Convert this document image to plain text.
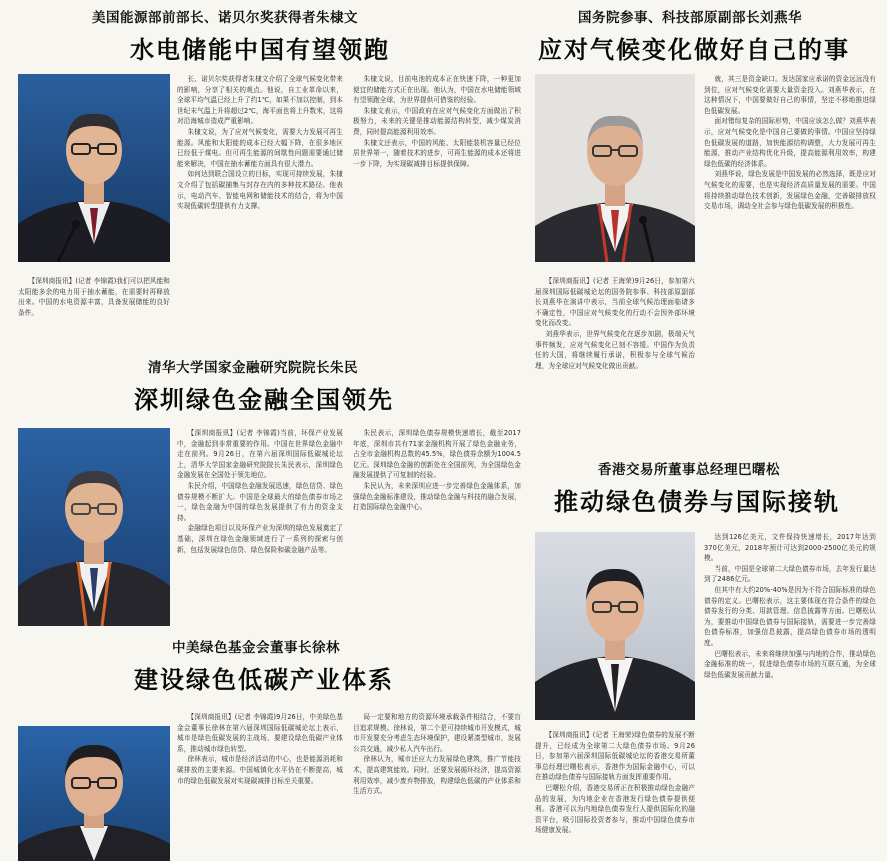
美国能源部前部长、诺贝尔奖获得者朱棣文
水电储能中国有望领跑

【深圳商报讯】(记者 李锦霞)我们可以把风能和太阳能多余的电力用于抽水蓄能，在需要时再释放出来。中国的水电资源丰富，具备发展储能的良好条件。

长、诺贝尔奖获得者朱棣文介绍了全球气候变化带来的影响，分享了相关的观点。他说，自工业革命以来，全球平均气温已经上升了约1℃，如果不加以控制，到本世纪末气温上升将超过2℃，海平面也将上升数米，这将对沿海城市造成严重影响。

朱棣文说，为了应对气候变化，需要大力发展可再生能源。风能和太阳能的成本已经大幅下降，在很多地区已经低于煤电。但可再生能源的间歇性问题需要通过储能来解决，中国在抽水蓄能方面具有很大潜力。

如何达到联合国设立的目标，实现可持续发展，朱棣文介绍了包括碳捕集与封存在内的多种技术路径。他表示，电动汽车、智能电网和储能技术的结合，将为中国实现低碳转型提供有力支撑。

朱棣文说，目前电池的成本正在快速下降，一种更加便宜的储能方式正在出现。他认为，中国在水电储能领域有望领跑全球，为世界提供可借鉴的经验。

朱棣文表示，中国政府在应对气候变化方面做出了积极努力，未来的关键是推动能源结构转型，减少煤炭消费，同时提高能源利用效率。

朱棣文还表示，中国的风能、太阳能装机容量已经位居世界第一，随着技术的进步，可再生能源的成本还将进一步下降，为实现碳减排目标提供保障。

国务院参事、科技部原副部长刘燕华
应对气候变化做好自己的事

就，其三是资金缺口。发达国家应承诺的资金远远没有到位，应对气候变化需要大量资金投入。刘燕华表示，在这种情况下，中国要做好自己的事情，坚定不移地推进绿色低碳发展。

面对错综复杂的国际形势，中国应该怎么做？刘燕华表示，应对气候变化是中国自己要做的事情。中国应坚持绿色低碳发展的道路，加快能源结构调整，大力发展可再生能源，推动产业结构优化升级，提高能源利用效率，构建绿色低碳的经济体系。

刘燕华说，绿色发展是中国发展的必然选择，既是应对气候变化的需要，也是实现经济高质量发展的需要。中国将持续推动绿色技术创新，发展绿色金融，完善碳排放权交易市场，调动全社会参与绿色低碳发展的积极性。

【深圳商报讯】(记者 王海荣)9月26日，参加第六届深圳国际低碳城论坛的国务院参事、科技部原副部长刘燕华在演讲中表示，当前全球气候治理面临诸多不确定性，中国应对气候变化的行动不会因外部环境变化而改变。

刘燕华表示，世界气候变化在逐步加剧，极端天气事件频发，应对气候变化已刻不容缓。中国作为负责任的大国，将继续履行承诺，积极参与全球气候治理，为全球应对气候变化做出贡献。

清华大学国家金融研究院院长朱民
深圳绿色金融全国领先

【深圳商报讯】(记者 李锦霞)当前，环保产业发展中，金融起到非常重要的作用。中国在世界绿色金融中走在前列。9月26日，在第六届深圳国际低碳城论坛上，清华大学国家金融研究院院长朱民表示，深圳绿色金融发展在全国处于领先地位。

朱民介绍，中国绿色金融发展迅速，绿色信贷、绿色债券规模不断扩大。中国是全球最大的绿色债券市场之一，绿色金融为中国的绿色发展提供了有力的资金支持。

金融绿色项目以及环保产业为深圳的绿色发展奠定了基础，深圳在绿色金融领域进行了一系列的探索与创新，包括发展绿色信贷、绿色保险和碳金融产品等。

朱民表示，深圳绿色债券规模快速增长，截至2017年底，深圳市共有71家金融机构开展了绿色金融业务，占全市金融机构总数的45.5%，绿色债券余额为1004.5亿元。深圳绿色金融的创新处在全国前列，为全国绿色金融发展提供了可复制的经验。

朱民认为，未来深圳应进一步完善绿色金融体系，加强绿色金融标准建设，推动绿色金融与科技的融合发展，打造国际绿色金融中心。

中美绿色基金会董事长徐林
建设绿色低碳产业体系

【深圳商报讯】(记者 李锦霞)9月26日，中美绿色基金会董事长徐林在第六届深圳国际低碳城论坛上表示，城市是绿色低碳发展的主战场，要建设绿色低碳产业体系，推动城市绿色转型。

徐林表示，城市是经济活动的中心，也是能源消耗和碳排放的主要来源。中国城镇化水平仍在不断提高，城市的绿色低碳发展对实现碳减排目标至关重要。

局一定要和地方的资源环境承载条件相结合，不要盲目追求规模。徐林说，第二个是可持续城市开发模式，城市开发要充分考虑生态环境保护，建设紧凑型城市，发展公共交通，减少私人汽车出行。

徐林认为，城市还应大力发展绿色建筑，推广节能技术，提高建筑能效。同时，还要发展循环经济，提高资源利用效率，减少废弃物排放，构建绿色低碳的产业体系和生活方式。

香港交易所董事总经理巴曙松
推动绿色债券与国际接轨

达到126亿美元，文件保持快速增长，2017年达到370亿美元，2018年预计可达到2000-2500亿美元的规模。

当前，中国是全球第二大绿色债券市场，去年发行量达到了2486亿元。

但其中有大约20%-40%是因为不符合国际标准的绿色债券的定义。巴曙松表示，这主要体现在符合条件的绿色债券发行的分类、用款管理、信息披露等方面。巴曙松认为，要推动中国绿色债券与国际接轨，需要进一步完善绿色债券标准，加强信息披露，提高绿色债券市场的透明度。

巴曙松表示，未来将继续加强与内地的合作，推动绿色金融标准的统一，促进绿色债券市场的互联互通，为全球绿色低碳发展贡献力量。

【深圳商报讯】(记者 王海荣)绿色债券的发展不断提升，已经成为全球第二大绿色债券市场。9月26日，参加第六届深圳国际低碳城论坛的香港交易所董事总经理巴曙松表示，香港作为国际金融中心，可以在推动绿色债券与国际接轨方面发挥重要作用。

巴曙松介绍，香港交易所正在积极推动绿色金融产品的发展，为内地企业在香港发行绿色债券提供便利。香港可以为内地绿色债券发行人提供国际化的融资平台，吸引国际投资者参与，推动中国绿色债券市场健康发展。
